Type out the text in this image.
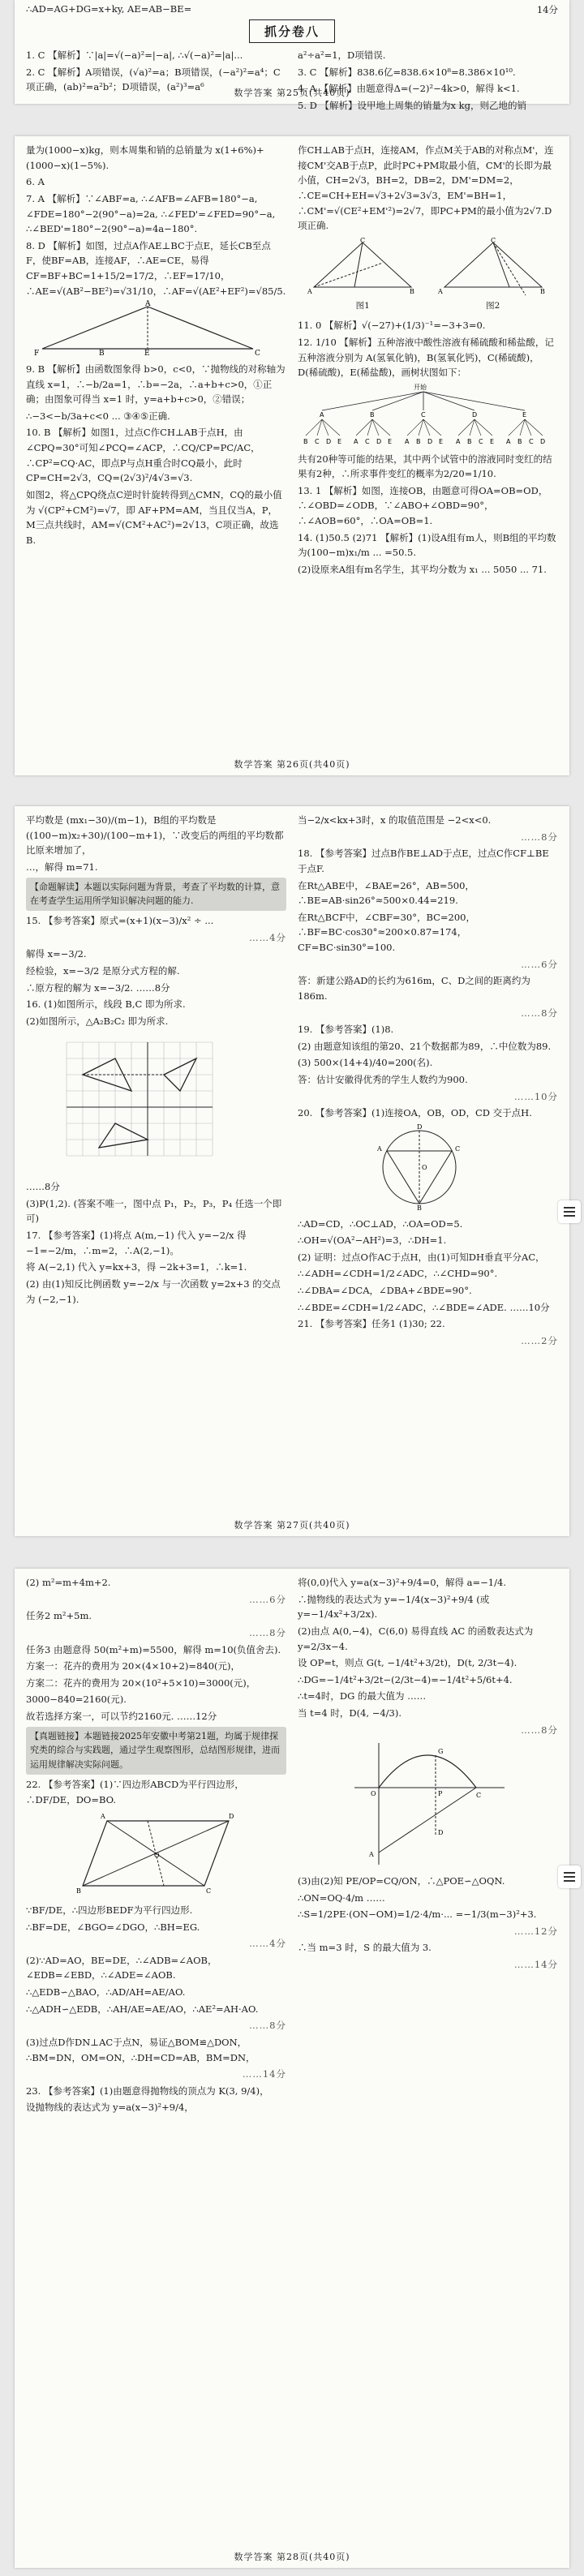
∴AD=AG+DG=x+ky, AE=AB−BE=	14分
抓分卷八

1. C 【解析】∵|a|=√(−a)²=|−a|, ∴√(−a)²=|a|...

2. C 【解析】A项错误，(√a)²=a；B项错误，(−a²)²=a⁴；C项正确，(ab)²=a²b²；D项错误，(a²)³=a⁶

a²÷a²=1，D项错误.

3. C 【解析】838.6亿=838.6×10⁸=8.386×10¹⁰.

4. A 【解析】由题意得Δ=(−2)²−4k>0，解得 k<1.

5. D 【解析】设甲地上周集的销量为x kg，则乙地的销

数学答案 第25页(共40页)

量为(1000−x)kg，则本周集和销的总销量为 x(1+6%)+(1000−x)(1−5%).

6. A

7. A 【解析】∵∠ABF=a, ∴∠AFB=∠AFB=180°−a, ∠FDE=180°−2(90°−a)=2a, ∴∠FED'=∠FED=90°−a, ∴∠BED'=180°−2(90°−a)=4a−180°.

8. D 【解析】如图，过点A作AE⊥BC于点E，延长CB至点F，使BF=AB，连接AF，∴AE=CE，易得CF=BF+BC=1+15/2=17/2，∴EF=17/10，∴AE=√(AB²−BE²)=√31/10，∴AF=√(AE²+EF²)=√85/5.

F	B	E	C
A

9. B 【解析】由函数图象得 b>0，c<0，∵抛物线的对称轴为直线 x=1，∴−b/2a=1，∴b=−2a，∴a+b+c>0，①正确；由图象可得当 x=1 时，y=a+b+c>0，②错误；

∴−3<−b/3a+c<0 ... ③④⑤正确.

10. B 【解析】如图1，过点C作CH⊥AB于点H，由∠CPQ=30°可知∠PCQ=∠ACP，∴CQ/CP=PC/AC，∴CP²=CQ·AC，即点P与点H重合时CQ最小，此时 CP=CH=2√3，CQ=(2√3)²/4√3=√3.

如图2，将△CPQ绕点C逆时针旋转得到△CMN，CQ的最小值为 √(CP²+CM²)=√7，即 AF+PM=AM，当且仅当A，P，M三点共线时，AM=√(CM²+AC²)=2√13，C项正确，故选B.

作CH⊥AB于点H，连接AM，作点M关于AB的对称点M'，连接CM'交AB于点P，此时PC+PM取最小值，CM'的长即为最小值，CH=2√3，BH=2，DB=2，DM'=DM=2，∴CE=CH+EH=√3+2√3=3√3，EM'=BH=1，∴CM'=√(CE²+EM'²)=2√7，即PC+PM的最小值为2√7.D项正确.

A	B
C
图1
A	B
C
图2

11. 0 【解析】√(−27)+(1/3)⁻¹=−3+3=0.

12. 1/10 【解析】五种溶液中酸性溶液有稀硫酸和稀盐酸，记五种溶液分别为 A(氢氧化钠)，B(氢氧化钙)，C(稀硫酸)，D(稀硫酸)，E(稀盐酸)，画树状图如下：

开始
A	B	C	D	E
B C D E A C D E A B D E A B C E A B C D

共有20种等可能的结果，其中两个试管中的溶液同时变红的结果有2种，∴所求事件变红的概率为2/20=1/10.

13. 1 【解析】如图，连接OB，由题意可得OA=OB=OD，∴∠OBD=∠ODB，∵∠ABO+∠OBD=90°，∴∠AOB=60°，∴OA=OB=1.

14. (1)50.5 (2)71 【解析】(1)设A组有m人，则B组的平均数为(100−m)x₁/m ... =50.5.

(2)设原来A组有m名学生，其平均分数为 x₁ ... 5050 ... 71.

数学答案 第26页(共40页)

平均数是 (mx₁−30)/(m−1)，B组的平均数是 ((100−m)x₂+30)/(100−m+1)，∵改变后的两组的平均数都比原来增加了，

…，解得 m=71.

【命题解读】本题以实际问题为背景，考查了平均数的计算，意在考查学生运用所学知识解决问题的能力.

15. 【参考答案】原式=(x+1)(x−3)/x² ÷ ...

……4分

解得 x=−3/2.

经检验，x=−3/2 是原分式方程的解.

∴原方程的解为 x=−3/2. ……8分

16. (1)如图所示，线段 B,C 即为所求.

(2)如图所示，△A₂B₂C₂ 即为所求.

……8分

(3)P(1,2). (答案不唯一，图中点 P₁，P₂，P₃，P₄ 任选一个即可)

17. 【参考答案】(1)将点 A(m,−1) 代入 y=−2/x 得 −1=−2/m，∴m=2，∴A(2,−1)。

将 A(−2,1) 代入 y=kx+3，得 −2k+3=1，∴k=1.

(2) 由(1)知反比例函数 y=−2/x 与一次函数 y=2x+3 的交点为 (−2,−1).

当−2/x<kx+3时，x 的取值范围是 −2<x<0.

……8分

18. 【参考答案】过点B作BE⊥AD于点E，过点C作CF⊥BE于点F.

在Rt△ABE中，∠BAE=26°，AB=500，∴BE=AB·sin26°≈500×0.44=219.

在Rt△BCF中，∠CBF=30°，BC=200，∴BF=BC·cos30°≈200×0.87=174，CF=BC·sin30°=100.

……6分

答：新建公路AD的长约为616m，C、D之间的距离约为186m.

……8分

19. 【参考答案】(1)8.

(2) 由题意知该组的第20、21个数据都为89，∴中位数为89.

(3) 500×(14+4)/40=200(名).

答：估计安徽得优秀的学生人数约为900.

……10分

20. 【参考答案】(1)连接OA，OB，OD，CD 交于点H.

A	C
D
B
O

∴AD=CD，∴OC⊥AD，∴OA=OD=5.

∴OH=√(OA²−AH²)=3，∴DH=1.

(2) 证明：过点O作AC于点H，由(1)可知DH垂直平分AC，

∴∠ADH=∠CDH=1/2∠ADC，∴∠CHD=90°.

∴∠DBA=∠DCA，∠DBA+∠BDE=90°.

∴∠BDE=∠CDH=1/2∠ADC，∴∠BDE=∠ADE. ……10分

21. 【参考答案】任务1 (1)30; 22.

……2分

数学答案 第27页(共40页)

(2) m²=m+4m+2.

……6分

任务2 m²+5m.

……8分

任务3 由题意得 50(m²+m)=5500，解得 m=10(负值舍去).

方案一：花卉的费用为 20×(4×10+2)=840(元)，

方案二：花卉的费用为 20×(10²+5×10)=3000(元)，

3000−840=2160(元).

故若选择方案一，可以节约2160元. ……12分

【真题链接】本题链接2025年安徽中考第21题，均属于规律探究类的综合与实践题，通过学生观察图形，总结图形规律，进而运用规律解决实际问题。

22. 【参考答案】(1)∵四边形ABCD为平行四边形，∴DF/DE，DO=BO.

A	D
B	C
O

∵BF/DE，∴四边形BEDF为平行四边形.

∴BF=DE，∠BGO=∠DGO，∴BH=EG.

……4分

(2)∵AD=AO，BE=DE，∴∠ADB=∠AOB，∠EDB=∠EBD，∴∠ADE=∠AOB.

∴△EDB∽△BAO，∴AD/AH=AE/AO.

∴△ADH∽△EDB，∴AH/AE=AE/AO，∴AE²=AH·AO.

……8分

(3)过点D作DN⊥AC于点N，易证△BOM≌△DON，∴BM=DN，OM=ON，∴DH=CD=AB，BM=DN，

……14分

23. 【参考答案】(1)由题意得抛物线的顶点为 K(3, 9/4)，

设抛物线的表达式为 y=a(x−3)²+9/4，

将(0,0)代入 y=a(x−3)²+9/4=0，解得 a=−1/4.

∴抛物线的表达式为 y=−1/4(x−3)²+9/4 (或 y=−1/4x²+3/2x).

(2)由点 A(0,−4)，C(6,0) 易得直线 AC 的函数表达式为 y=2/3x−4.

设 OP=t，则点 G(t, −1/4t²+3/2t)，D(t, 2/3t−4).

∴DG=−1/4t²+3/2t−(2/3t−4)=−1/4t²+5/6t+4.

∴t=4时，DG 的最大值为 ……

当 t=4 时，D(4, −4/3).

……8分

O	C
A
G
D
P

(3)由(2)知 PE/OP=CQ/ON，∴△POE∽△OQN.

∴ON=OQ·4/m ……

∴S=1/2PE·(ON−OM)=1/2·4/m·... =−1/3(m−3)²+3.

……12分

∴当 m=3 时，S 的最大值为 3.

……14分

数学答案 第28页(共40页)
